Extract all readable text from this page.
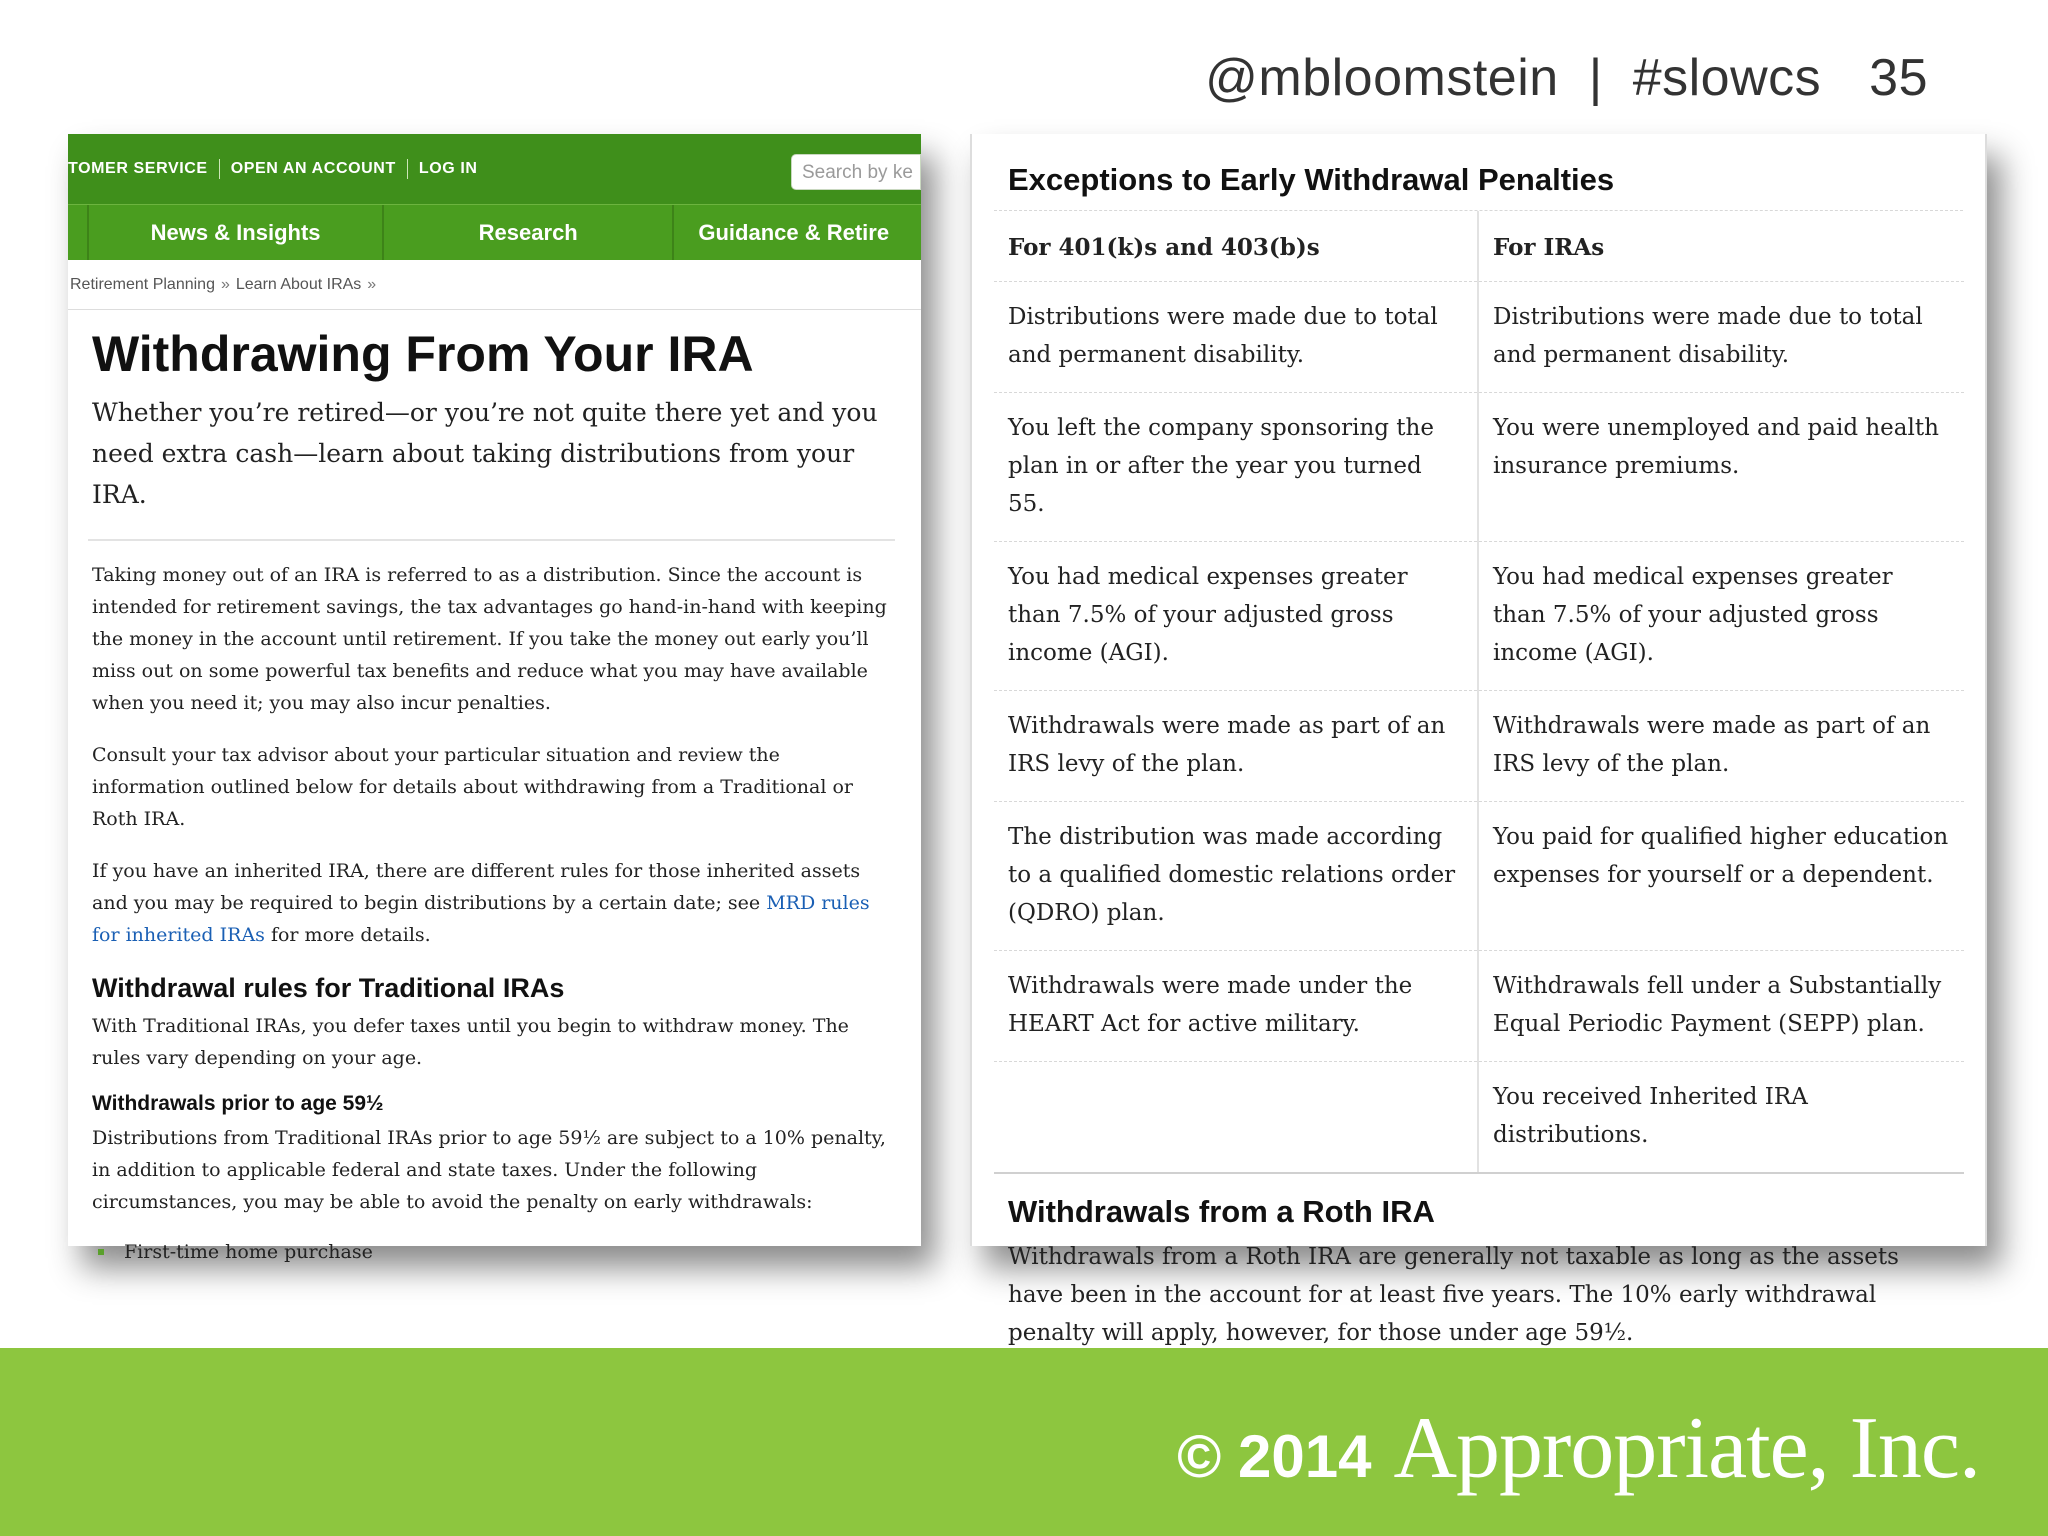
@mbloomstein | #slowcs 35
TOMER SERVICE OPEN AN ACCOUNT LOG IN	Search by ke
News & Insights	Research	Guidance & Retire
Retirement Planning » Learn About IRAs »
Withdrawing From Your IRA

Whether you’re retired—or you’re not quite there yet and you need extra cash—learn about taking distributions from your IRA.

Taking money out of an IRA is referred to as a distribution. Since the account is intended for retirement savings, the tax advantages go hand-in-hand with keeping the money in the account until retirement. If you take the money out early you’ll miss out on some powerful tax benefits and reduce what you may have available when you need it; you may also incur penalties.

Consult your tax advisor about your particular situation and review the information outlined below for details about withdrawing from a Traditional or Roth IRA.

If you have an inherited IRA, there are different rules for those inherited assets and you may be required to begin distributions by a certain date; see MRD rules for inherited IRAs for more details.

Withdrawal rules for Traditional IRAs

With Traditional IRAs, you defer taxes until you begin to withdraw money. The rules vary depending on your age.

Withdrawals prior to age 59½

Distributions from Traditional IRAs prior to age 59½ are subject to a 10% penalty, in addition to applicable federal and state taxes. Under the following circumstances, you may be able to avoid the penalty on early withdrawals:

First-time home purchase
Exceptions to Early Withdrawal Penalties
For 401(k)s and 403(b)s	For IRAs
Distributions were made due to total and permanent disability.	Distributions were made due to total and permanent disability.
You left the company sponsoring the plan in or after the year you turned 55.	You were unemployed and paid health insurance premiums.
You had medical expenses greater than 7.5% of your adjusted gross income (AGI).	You had medical expenses greater than 7.5% of your adjusted gross income (AGI).
Withdrawals were made as part of an IRS levy of the plan.	Withdrawals were made as part of an IRS levy of the plan.
The distribution was made according to a qualified domestic relations order (QDRO) plan.	You paid for qualified higher education expenses for yourself or a dependent.
Withdrawals were made under the HEART Act for active military.	Withdrawals fell under a Substantially Equal Periodic Payment (SEPP) plan.
	You received Inherited IRA distributions.
Withdrawals from a Roth IRA

Withdrawals from a Roth IRA are generally not taxable as long as the assets have been in the account for at least five years. The 10% early withdrawal penalty will apply, however, for those under age 59½.

© 2014 Appropriate, Inc.
